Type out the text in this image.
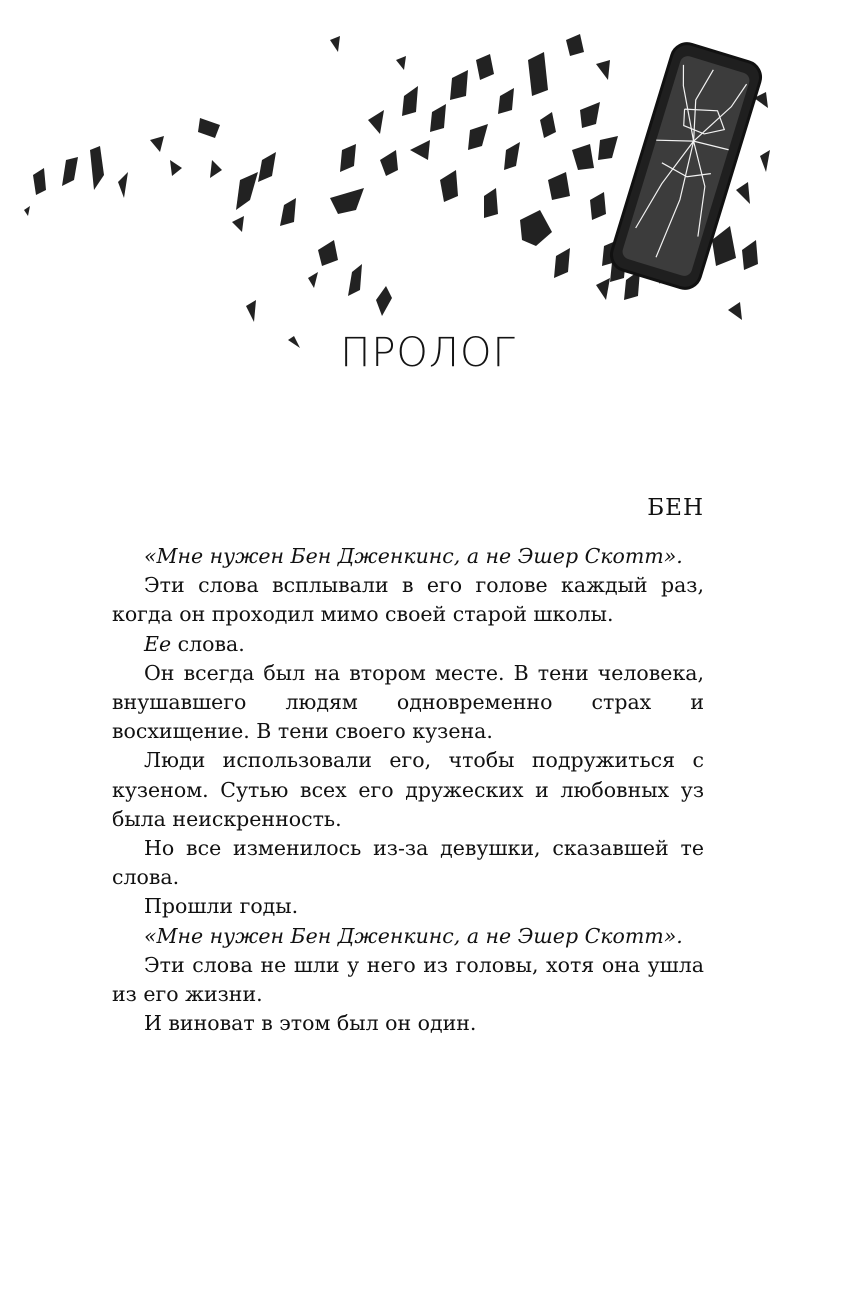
ПРОЛОГ
БЕН

«Мне нужен Бен Дженкинс, а не Эшер Скотт».

Эти слова всплывали в его голове каждый раз, когда он проходил мимо своей старой школы.

Ее слова.

Он всегда был на втором месте. В тени человека, внушавшего людям одновременно страх и восхищение. В тени своего кузена.

Люди использовали его, чтобы подружиться с кузеном. Сутью всех его дружеских и любовных уз была неискренность.

Но все изменилось из-за девушки, сказавшей те слова.

Прошли годы.

«Мне нужен Бен Дженкинс, а не Эшер Скотт».

Эти слова не шли у него из головы, хотя она ушла из его жизни.

И виноват в этом был он один.
